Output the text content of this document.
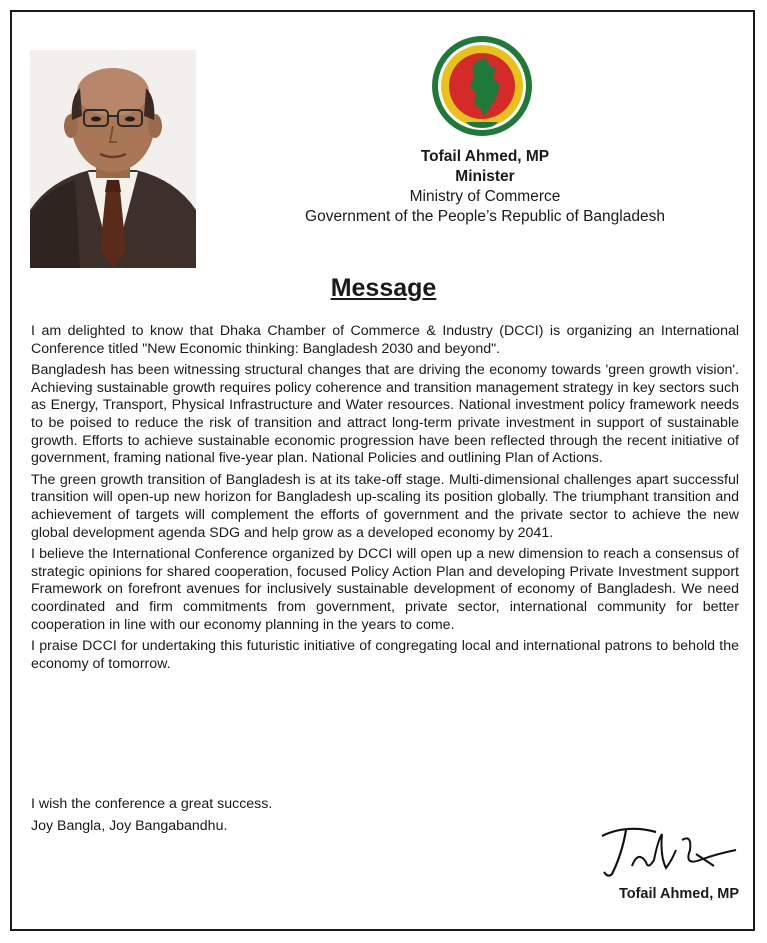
Tofail Ahmed, MP
Minister
Ministry of Commerce
Government of the People’s Republic of Bangladesh
Message

I am delighted to know that Dhaka Chamber of Commerce & Industry (DCCI) is organizing an International Conference titled "New Economic thinking: Bangladesh 2030 and beyond".

Bangladesh has been witnessing structural changes that are driving the economy towards 'green growth vision'. Achieving sustainable growth requires policy coherence and transition management strategy in key sectors such as Energy, Transport, Physical Infrastructure and Water resources. National investment policy framework needs to be poised to reduce the risk of transition and attract long-term private investment in support of sustainable growth. Efforts to achieve sustainable economic progression have been reflected through the recent initiative of government, framing national five-year plan. National Policies and outlining Plan of Actions.

The green growth transition of Bangladesh is at its take-off stage. Multi-dimensional challenges apart successful transition will open-up new horizon for Bangladesh up-scaling its position globally. The triumphant transition and achievement of targets will complement the efforts of government and the private sector to achieve the new global development agenda SDG and help grow as a developed economy by 2041.

I believe the International Conference organized by DCCI will open up a new dimension to reach a consensus of strategic opinions for shared cooperation, focused Policy Action Plan and developing Private Investment support Framework on forefront avenues for inclusively sustainable development of economy of Bangladesh. We need coordinated and firm commitments from government, private sector, international community for better cooperation in line with our economy planning in the years to come.

I praise DCCI for undertaking this futuristic initiative of congregating local and international patrons to behold the economy of tomorrow.

I wish the conference a great success.
Joy Bangla, Joy Bangabandhu.
Tofail Ahmed, MP
